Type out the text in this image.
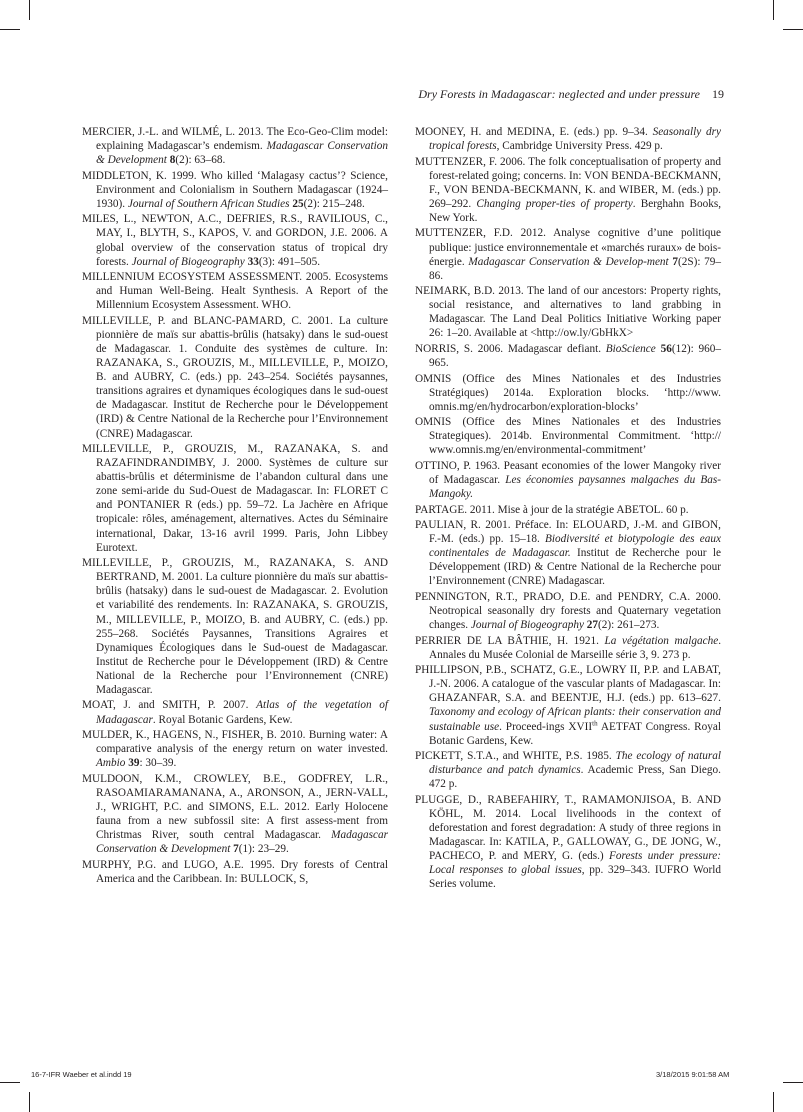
Dry Forests in Madagascar: neglected and under pressure 19

MERCIER, J.-L. and WILMÉ, L. 2013. The Eco-Geo-Clim model: explaining Madagascar’s endemism. Madagascar Conservation & Development 8(2): 63–68.

MIDDLETON, K. 1999. Who killed ‘Malagasy cactus’? Science, Environment and Colonialism in Southern Madagascar (1924–1930). Journal of Southern African Studies 25(2): 215–248.

MILES, L., NEWTON, A.C., DEFRIES, R.S., RAVILIOUS, C., MAY, I., BLYTH, S., KAPOS, V. and GORDON, J.E. 2006. A global overview of the conservation status of tropical dry forests. Journal of Biogeography 33(3): 491–505.

MILLENNIUM ECOSYSTEM ASSESSMENT. 2005. Ecosystems and Human Well-Being. Healt Synthesis. A Report of the Millennium Ecosystem Assessment. WHO.

MILLEVILLE, P. and BLANC-PAMARD, C. 2001. La culture pionnière de maïs sur abattis-brûlis (hatsaky) dans le sud-ouest de Madagascar. 1. Conduite des systèmes de culture. In: RAZANAKA, S., GROUZIS, M., MILLEVILLE, P., MOIZO, B. and AUBRY, C. (eds.) pp. 243–254. Sociétés paysannes, transitions agraires et dynamiques écologiques dans le sud-ouest de Madagascar. Institut de Recherche pour le Développement (IRD) & Centre National de la Recherche pour l’Environnement (CNRE) Madagascar.

MILLEVILLE, P., GROUZIS, M., RAZANAKA, S. and RAZAFINDRANDIMBY, J. 2000. Systèmes de culture sur abattis-brûlis et déterminisme de l’abandon cultural dans une zone semi-aride du Sud-Ouest de Madagascar. In: FLORET C and PONTANIER R (eds.) pp. 59–72. La Jachère en Afrique tropicale: rôles, aménagement, alternatives. Actes du Séminaire international, Dakar, 13-16 avril 1999. Paris, John Libbey Eurotext.

MILLEVILLE, P., GROUZIS, M., RAZANAKA, S. AND BERTRAND, M. 2001. La culture pionnière du maïs sur abattis-brûlis (hatsaky) dans le sud-ouest de Madagascar. 2. Evolution et variabilité des rendements. In: RAZANAKA, S. GROUZIS, M., MILLEVILLE, P., MOIZO, B. and AUBRY, C. (eds.) pp. 255–268. Sociétés Paysannes, Transitions Agraires et Dynamiques Écologiques dans le Sud-ouest de Madagascar. Institut de Recherche pour le Développement (IRD) & Centre National de la Recherche pour l’Environnement (CNRE) Madagascar.

MOAT, J. and SMITH, P. 2007. Atlas of the vegetation of Madagascar. Royal Botanic Gardens, Kew.

MULDER, K., HAGENS, N., FISHER, B. 2010. Burning water: A comparative analysis of the energy return on water invested. Ambio 39: 30–39.

MULDOON, K.M., CROWLEY, B.E., GODFREY, L.R., RASOAMIARAMANANA, A., ARONSON, A., JERN-VALL, J., WRIGHT, P.C. and SIMONS, E.L. 2012. Early Holocene fauna from a new subfossil site: A first assess-ment from Christmas River, south central Madagascar. Madagascar Conservation & Development 7(1): 23–29.

MURPHY, P.G. and LUGO, A.E. 1995. Dry forests of Central America and the Caribbean. In: BULLOCK, S,

MOONEY, H. and MEDINA, E. (eds.) pp. 9–34. Seasonally dry tropical forests, Cambridge University Press. 429 p.

MUTTENZER, F. 2006. The folk conceptualisation of property and forest-related going; concerns. In: VON BENDA-BECKMANN, F., VON BENDA-BECKMANN, K. and WIBER, M. (eds.) pp. 269–292. Changing proper-ties of property. Berghahn Books, New York.

MUTTENZER, F.D. 2012. Analyse cognitive d’une politique publique: justice environnementale et «marchés ruraux» de bois-énergie. Madagascar Conservation & Develop-ment 7(2S): 79–86.

NEIMARK, B.D. 2013. The land of our ancestors: Property rights, social resistance, and alternatives to land grabbing in Madagascar. The Land Deal Politics Initiative Working paper 26: 1–20. Available at <http://ow.ly/GbHkX>

NORRIS, S. 2006. Madagascar defiant. BioScience 56(12): 960–965.

OMNIS (Office des Mines Nationales et des Industries Stratégiques) 2014a. Exploration blocks. ‘http://www. omnis.mg/en/hydrocarbon/exploration-blocks’

OMNIS (Office des Mines Nationales et des Industries Strategiques). 2014b. Environmental Commitment. ‘http:// www.omnis.mg/en/environmental-commitment’

OTTINO, P. 1963. Peasant economies of the lower Mangoky river of Madagascar. Les économies paysannes malgaches du Bas-Mangoky.

PARTAGE. 2011. Mise à jour de la stratégie ABETOL. 60 p.

PAULIAN, R. 2001. Préface. In: ELOUARD, J.-M. and GIBON, F.-M. (eds.) pp. 15–18. Biodiversité et biotypologie des eaux continentales de Madagascar. Institut de Recherche pour le Développement (IRD) & Centre National de la Recherche pour l’Environnement (CNRE) Madagascar.

PENNINGTON, R.T., PRADO, D.E. and PENDRY, C.A. 2000. Neotropical seasonally dry forests and Quaternary vegetation changes. Journal of Biogeography 27(2): 261–273.

PERRIER DE LA BÂTHIE, H. 1921. La végétation malgache. Annales du Musée Colonial de Marseille série 3, 9. 273 p.

PHILLIPSON, P.B., SCHATZ, G.E., LOWRY II, P.P. and LABAT, J.-N. 2006. A catalogue of the vascular plants of Madagascar. In: GHAZANFAR, S.A. and BEENTJE, H.J. (eds.) pp. 613–627. Taxonomy and ecology of African plants: their conservation and sustainable use. Proceed-ings XVIIth AETFAT Congress. Royal Botanic Gardens, Kew.

PICKETT, S.T.A., and WHITE, P.S. 1985. The ecology of natural disturbance and patch dynamics. Academic Press, San Diego. 472 p.

PLUGGE, D., RABEFAHIRY, T., RAMAMONJISOA, B. AND KÖHL, M. 2014. Local livelihoods in the context of deforestation and forest degradation: A study of three regions in Madagascar. In: KATILA, P., GALLOWAY, G., DE JONG, W., PACHECO, P. and MERY, G. (eds.) Forests under pressure: Local responses to global issues, pp. 329–343. IUFRO World Series volume.

16-7-IFR Waeber et al.indd 19	3/18/2015 9:01:58 AM
